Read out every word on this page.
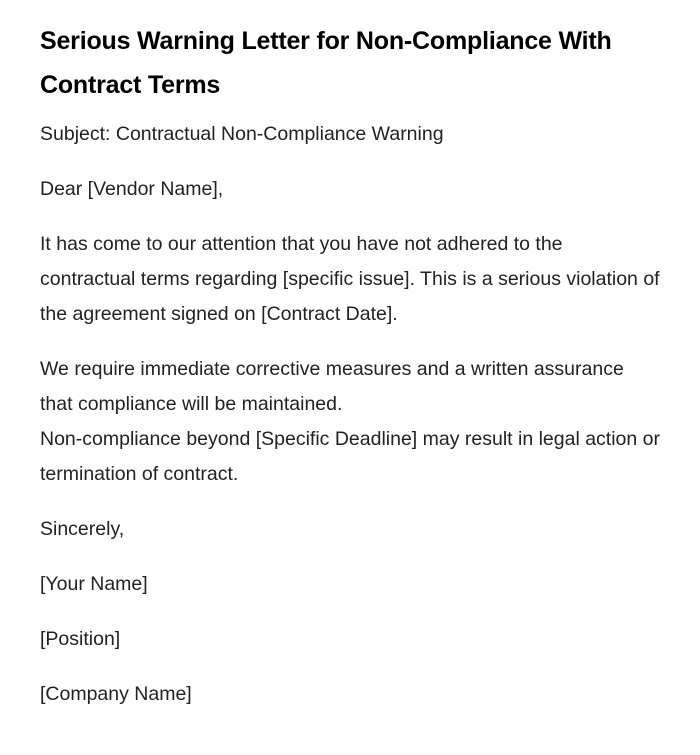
Serious Warning Letter for Non-Compliance With Contract Terms

Subject: Contractual Non-Compliance Warning

Dear [Vendor Name],

It has come to our attention that you have not adhered to the contractual terms regarding [specific issue]. This is a serious violation of the agreement signed on [Contract Date].

We require immediate corrective measures and a written assurance that compliance will be maintained.
Non-compliance beyond [Specific Deadline] may result in legal action or termination of contract.

Sincerely,

[Your Name]

[Position]

[Company Name]
